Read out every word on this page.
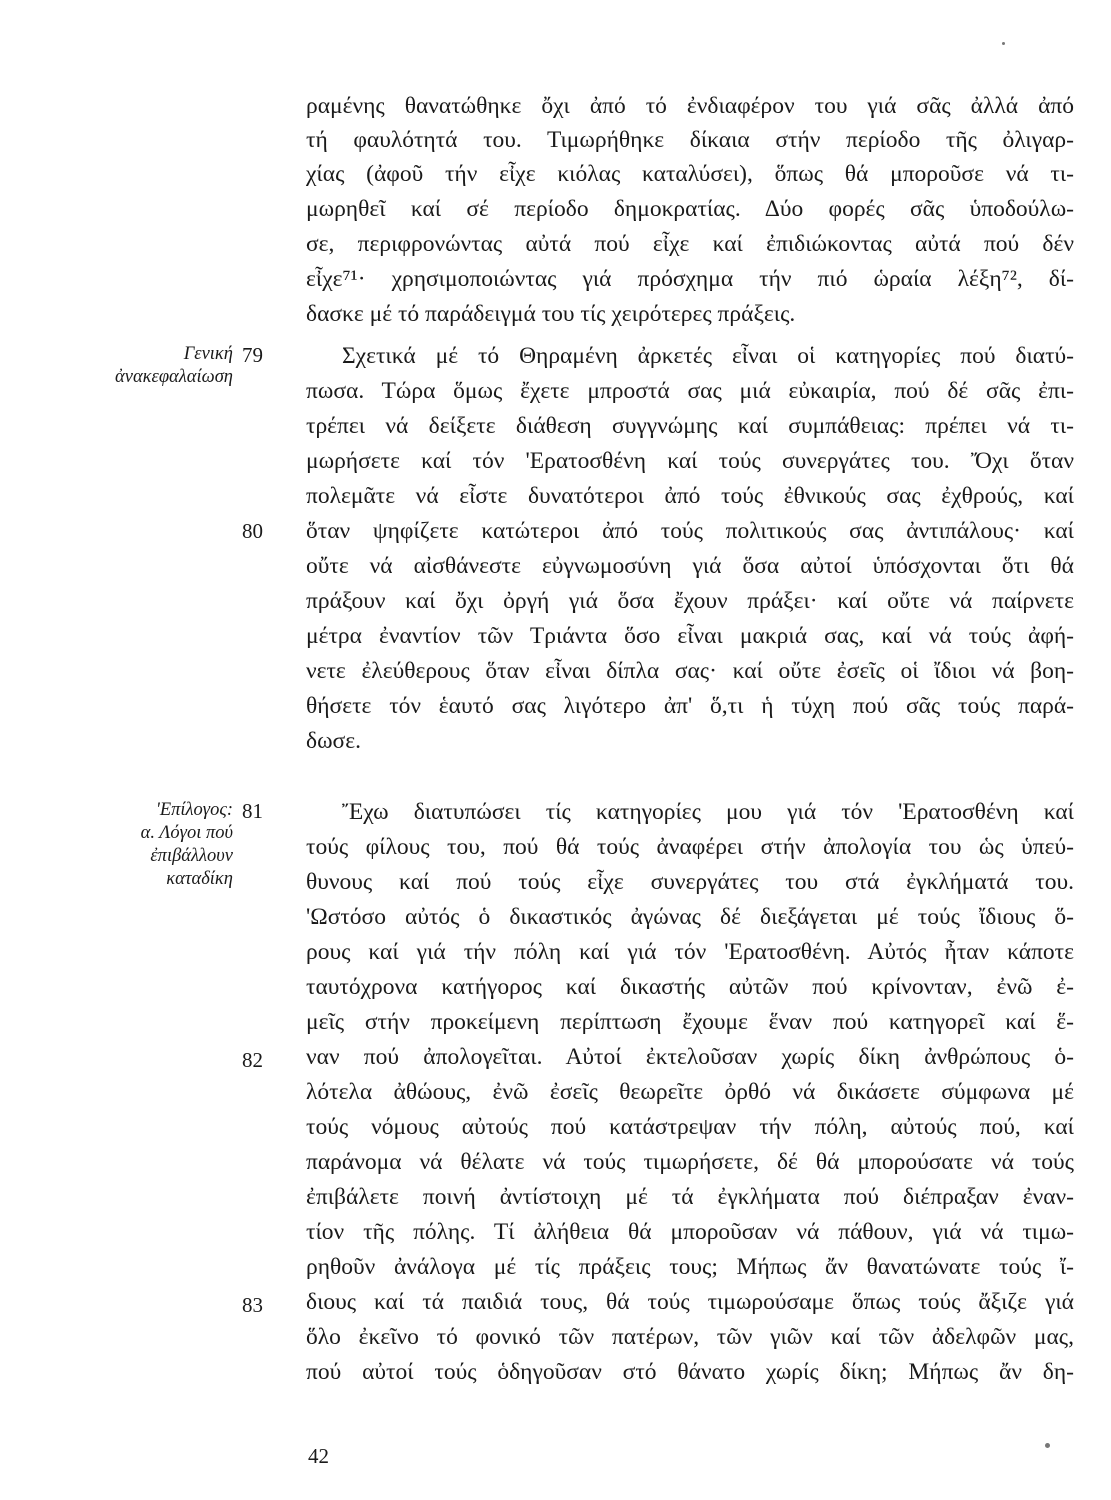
Γενική
ἀνακεφαλαίωση
'Επίλογος:
α. Λόγοι πού
ἐπιβάλλουν
καταδίκη
79
80
81
82
83
ραμένης θανατώθηκε ὄχι ἀπό τό ἐνδιαφέρον του γιά σᾶς ἀλλά ἀπό
τή φαυλότητά του. Τιμωρήθηκε δίκαια στήν περίοδο τῆς ὀλιγαρ-
χίας (ἀφοῦ τήν εἶχε κιόλας καταλύσει), ὅπως θά μποροῦσε νά τι-
μωρηθεῖ καί σέ περίοδο δημοκρατίας. Δύο φορές σᾶς ὑποδούλω-
σε, περιφρονώντας αὐτά πού εἶχε καί ἐπιδιώκοντας αὐτά πού δέν
εἶχε⁷¹· χρησιμοποιώντας γιά πρόσχημα τήν πιό ὡραία λέξη⁷², δί-
δασκε μέ τό παράδειγμά του τίς χειρότερες πράξεις.
Σχετικά μέ τό Θηραμένη ἀρκετές εἶναι οἱ κατηγορίες πού διατύ-
πωσα. Τώρα ὅμως ἔχετε μπροστά σας μιά εὐκαιρία, πού δέ σᾶς ἐπι-
τρέπει νά δείξετε διάθεση συγγνώμης καί συμπάθειας: πρέπει νά τι-
μωρήσετε καί τόν 'Ερατοσθένη καί τούς συνεργάτες του. Ὄχι ὅταν
πολεμᾶτε νά εἶστε δυνατότεροι ἀπό τούς ἐθνικούς σας ἐχθρούς, καί
ὅταν ψηφίζετε κατώτεροι ἀπό τούς πολιτικούς σας ἀντιπάλους· καί
οὔτε νά αἰσθάνεστε εὐγνωμοσύνη γιά ὅσα αὐτοί ὑπόσχονται ὅτι θά
πράξουν καί ὄχι ὀργή γιά ὅσα ἔχουν πράξει· καί οὔτε νά παίρνετε
μέτρα ἐναντίον τῶν Τριάντα ὅσο εἶναι μακριά σας, καί νά τούς ἀφή-
νετε ἐλεύθερους ὅταν εἶναι δίπλα σας· καί οὔτε ἐσεῖς οἱ ἴδιοι νά βοη-
θήσετε τόν ἑαυτό σας λιγότερο ἀπ' ὅ,τι ἡ τύχη πού σᾶς τούς παρά-
δωσε.
Ἔχω διατυπώσει τίς κατηγορίες μου γιά τόν 'Ερατοσθένη καί
τούς φίλους του, πού θά τούς ἀναφέρει στήν ἀπολογία του ὡς ὑπεύ-
θυνους καί πού τούς εἶχε συνεργάτες του στά ἐγκλήματά του.
'Ωστόσο αὐτός ὁ δικαστικός ἀγώνας δέ διεξάγεται μέ τούς ἴδιους ὅ-
ρους καί γιά τήν πόλη καί γιά τόν 'Ερατοσθένη. Αὐτός ἦταν κάποτε
ταυτόχρονα κατήγορος καί δικαστής αὐτῶν πού κρίνονταν, ἐνῶ ἐ-
μεῖς στήν προκείμενη περίπτωση ἔχουμε ἕναν πού κατηγορεῖ καί ἕ-
ναν πού ἀπολογεῖται. Αὐτοί ἐκτελοῦσαν χωρίς δίκη ἀνθρώπους ὁ-
λότελα ἀθώους, ἐνῶ ἐσεῖς θεωρεῖτε ὀρθό νά δικάσετε σύμφωνα μέ
τούς νόμους αὐτούς πού κατάστρεψαν τήν πόλη, αὐτούς πού, καί
παράνομα νά θέλατε νά τούς τιμωρήσετε, δέ θά μπορούσατε νά τούς
ἐπιβάλετε ποινή ἀντίστοιχη μέ τά ἐγκλήματα πού διέπραξαν ἐναν-
τίον τῆς πόλης. Τί ἀλήθεια θά μποροῦσαν νά πάθουν, γιά νά τιμω-
ρηθοῦν ἀνάλογα μέ τίς πράξεις τους; Μήπως ἄν θανατώνατε τούς ἴ-
διους καί τά παιδιά τους, θά τούς τιμωρούσαμε ὅπως τούς ἄξιζε γιά
ὅλο ἐκεῖνο τό φονικό τῶν πατέρων, τῶν γιῶν καί τῶν ἀδελφῶν μας,
πού αὐτοί τούς ὁδηγοῦσαν στό θάνατο χωρίς δίκη; Μήπως ἄν δη-
42
